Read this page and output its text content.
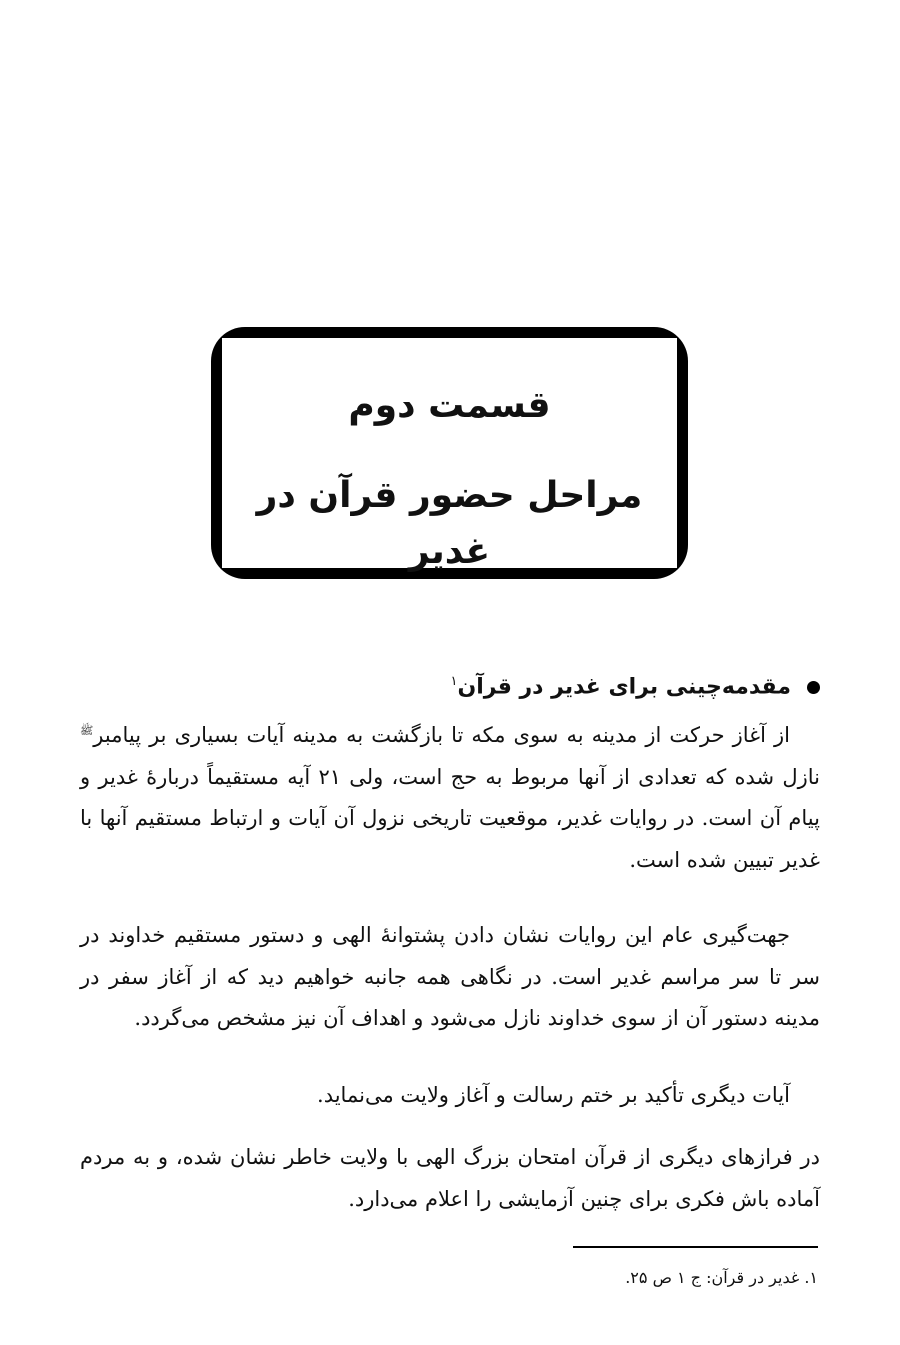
قسمت دوم
مراحل حضور قرآن در غدیر
مقدمه‌چینی برای غدیر در قرآن$^۱$

از آغاز حرکت از مدینه به سوی مکه تا بازگشت به مدینه آیات بسیاری بر پیامبر$^ﷺ$ نازل شده که تعدادی از آنها مربوط به حج است، ولی ۲۱ آیه مستقیماً دربارهٔ غدیر و پیام آن است. در روایات غدیر، موقعیت تاریخی نزول آن آیات و ارتباط مستقیم آنها با غدیر تبیین شده است.

جهت‌گیری عام این روایات نشان دادن پشتوانهٔ الهی و دستور مستقیم خداوند در سر تا سر مراسم غدیر است. در نگاهی همه جانبه خواهیم دید که از آغاز سفر در مدینه دستور آن از سوی خداوند نازل می‌شود و اهداف آن نیز مشخص می‌گردد.

آیات دیگری تأکید بر ختم رسالت و آغاز ولایت می‌نماید.

در فرازهای دیگری از قرآن امتحان بزرگ الهی با ولایت خاطر نشان شده، و به مردم آماده باش فکری برای چنین آزمایشی را اعلام می‌دارد.

۱. غدیر در قرآن: ج ۱ ص ۲۵.
